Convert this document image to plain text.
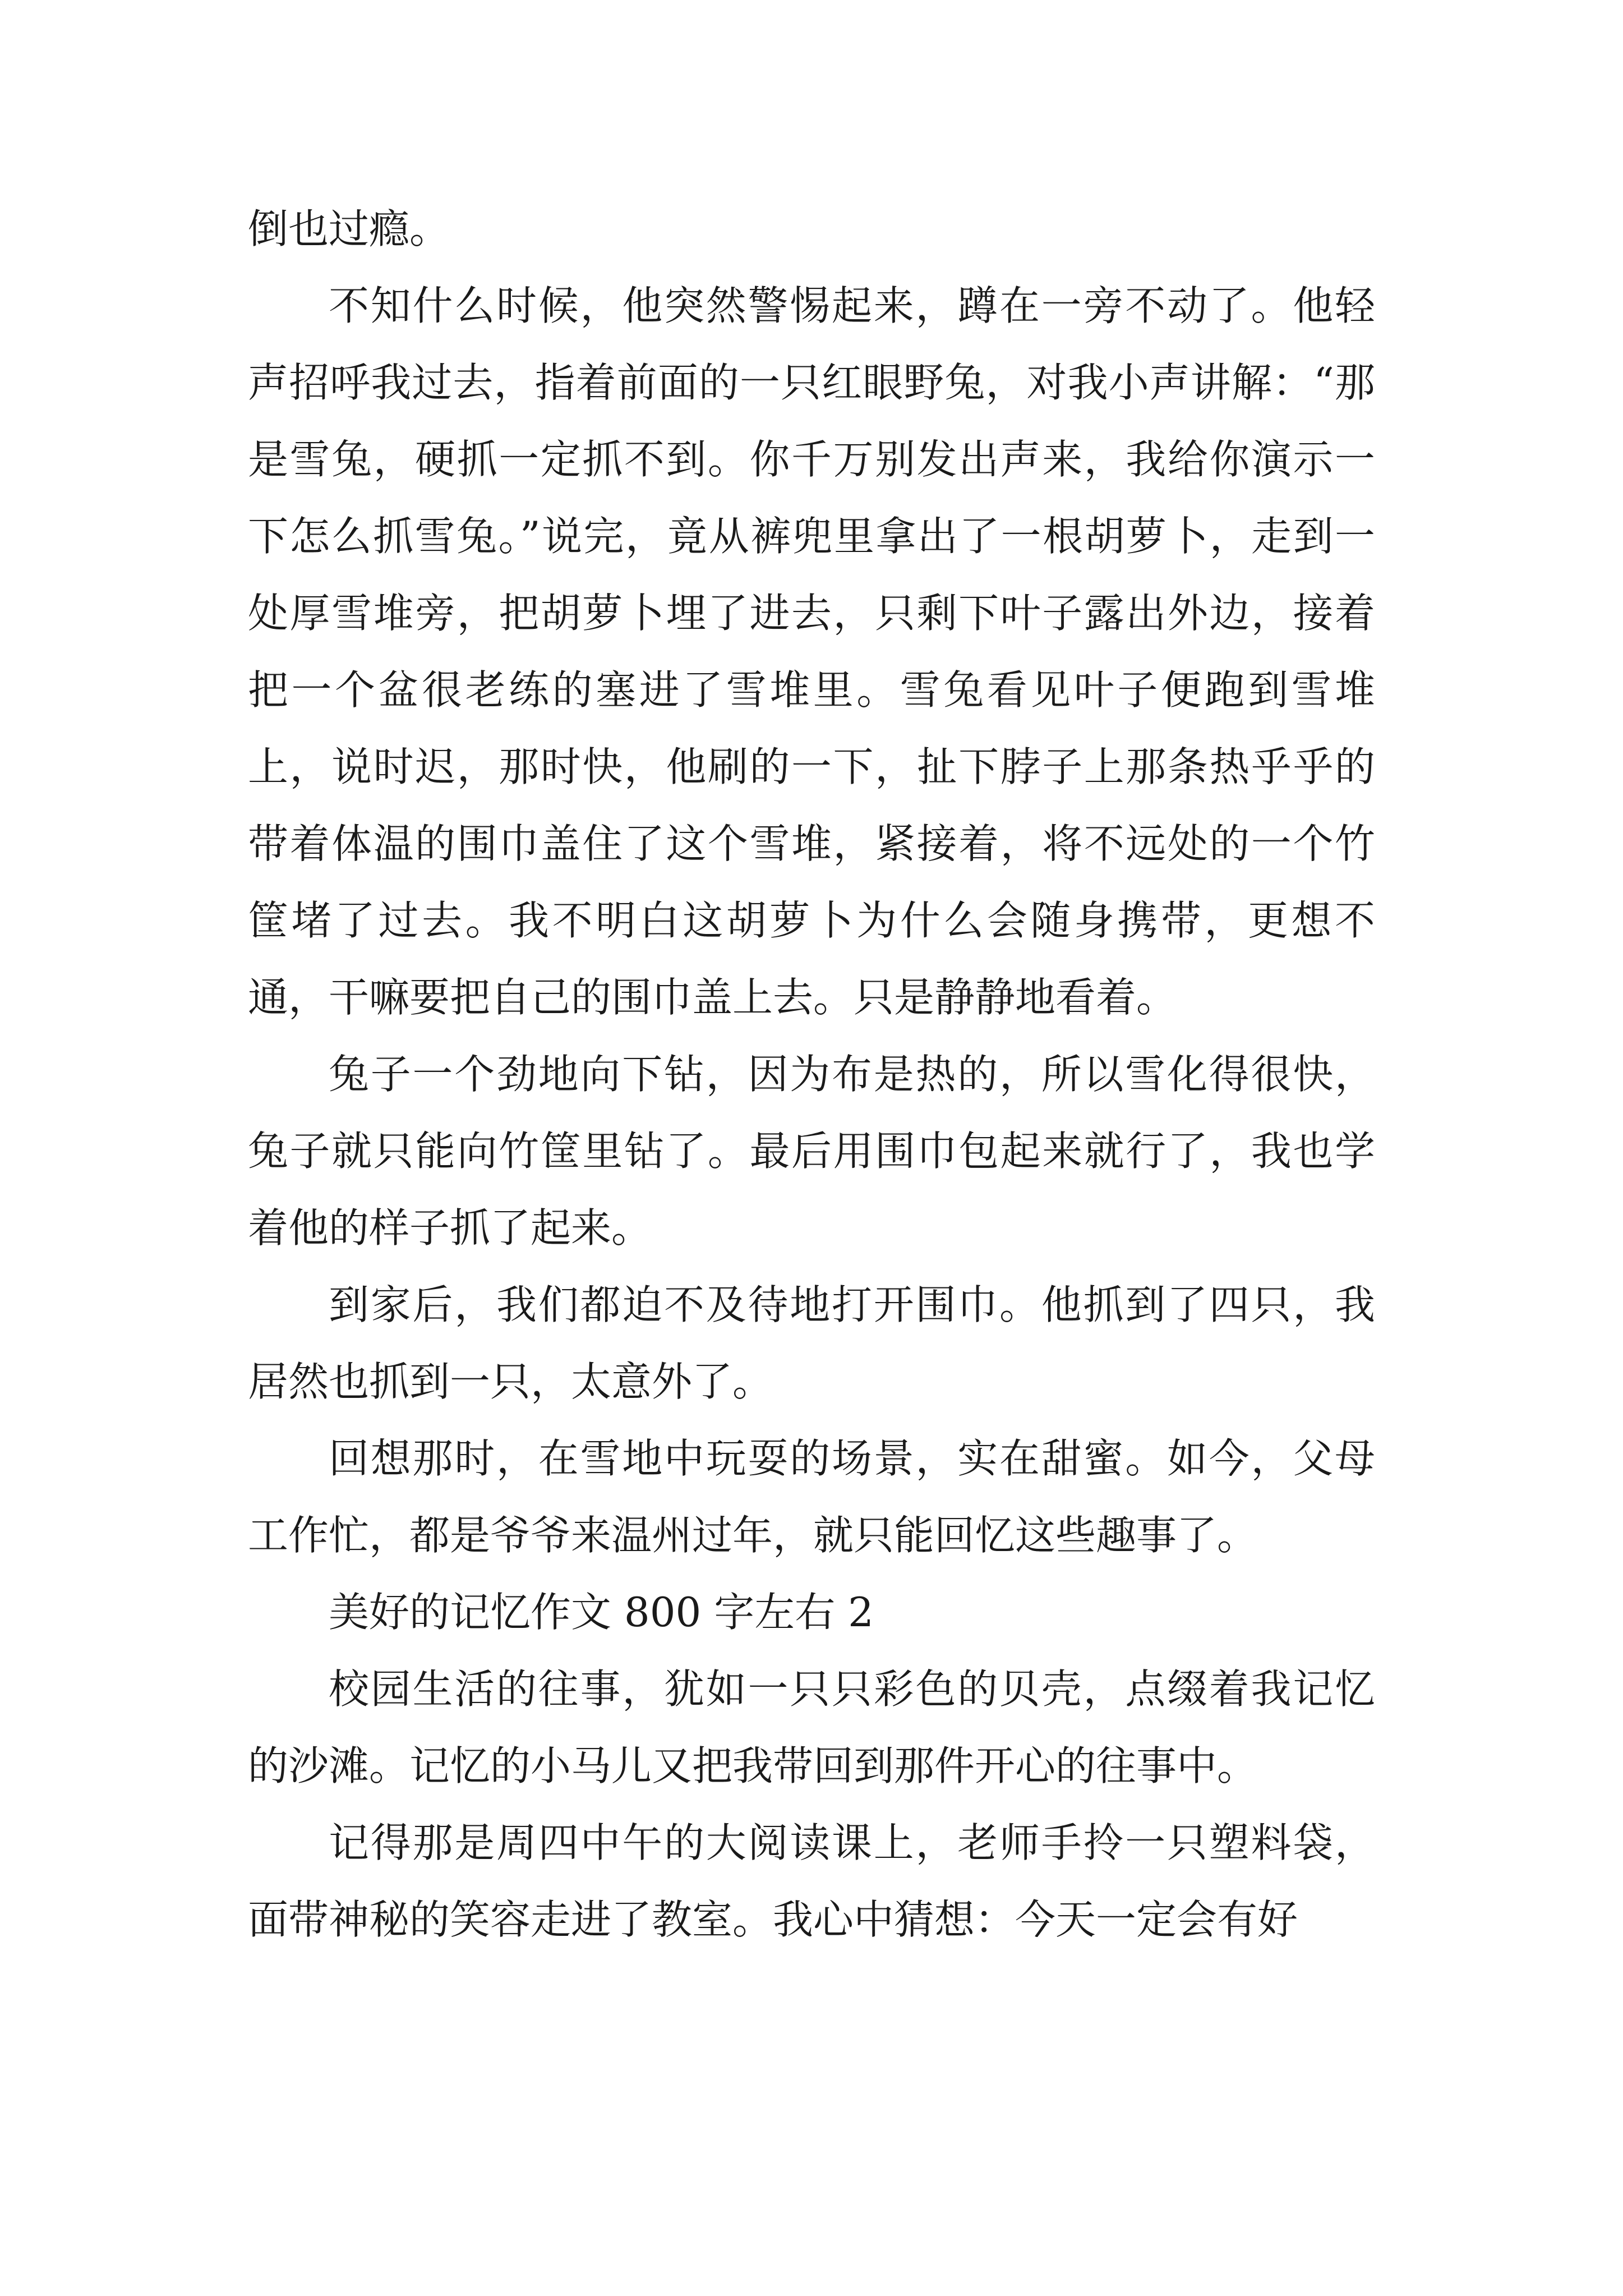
倒也过瘾。

不知什么时候，他突然警惕起来，蹲在一旁不动了。他轻声招呼我过去，指着前面的一只红眼野兔，对我小声讲解：“那是雪兔，硬抓一定抓不到。你千万别发出声来，我给你演示一下怎么抓雪兔。”说完，竟从裤兜里拿出了一根胡萝卜，走到一处厚雪堆旁，把胡萝卜埋了进去，只剩下叶子露出外边，接着把一个盆很老练的塞进了雪堆里。雪兔看见叶子便跑到雪堆上，说时迟，那时快，他刷的一下，扯下脖子上那条热乎乎的带着体温的围巾盖住了这个雪堆，紧接着，将不远处的一个竹筐堵了过去。我不明白这胡萝卜为什么会随身携带，更想不通，干嘛要把自己的围巾盖上去。只是静静地看着。

兔子一个劲地向下钻，因为布是热的，所以雪化得很快，兔子就只能向竹筐里钻了。最后用围巾包起来就行了，我也学着他的样子抓了起来。

到家后，我们都迫不及待地打开围巾。他抓到了四只，我居然也抓到一只，太意外了。

回想那时，在雪地中玩耍的场景，实在甜蜜。如今，父母工作忙，都是爷爷来温州过年，就只能回忆这些趣事了。

美好的记忆作文 800 字左右 2

校园生活的往事，犹如一只只彩色的贝壳，点缀着我记忆的沙滩。记忆的小马儿又把我带回到那件开心的往事中。

记得那是周四中午的大阅读课上，老师手拎一只塑料袋，面带神秘的笑容走进了教室。我心中猜想：今天一定会有好
